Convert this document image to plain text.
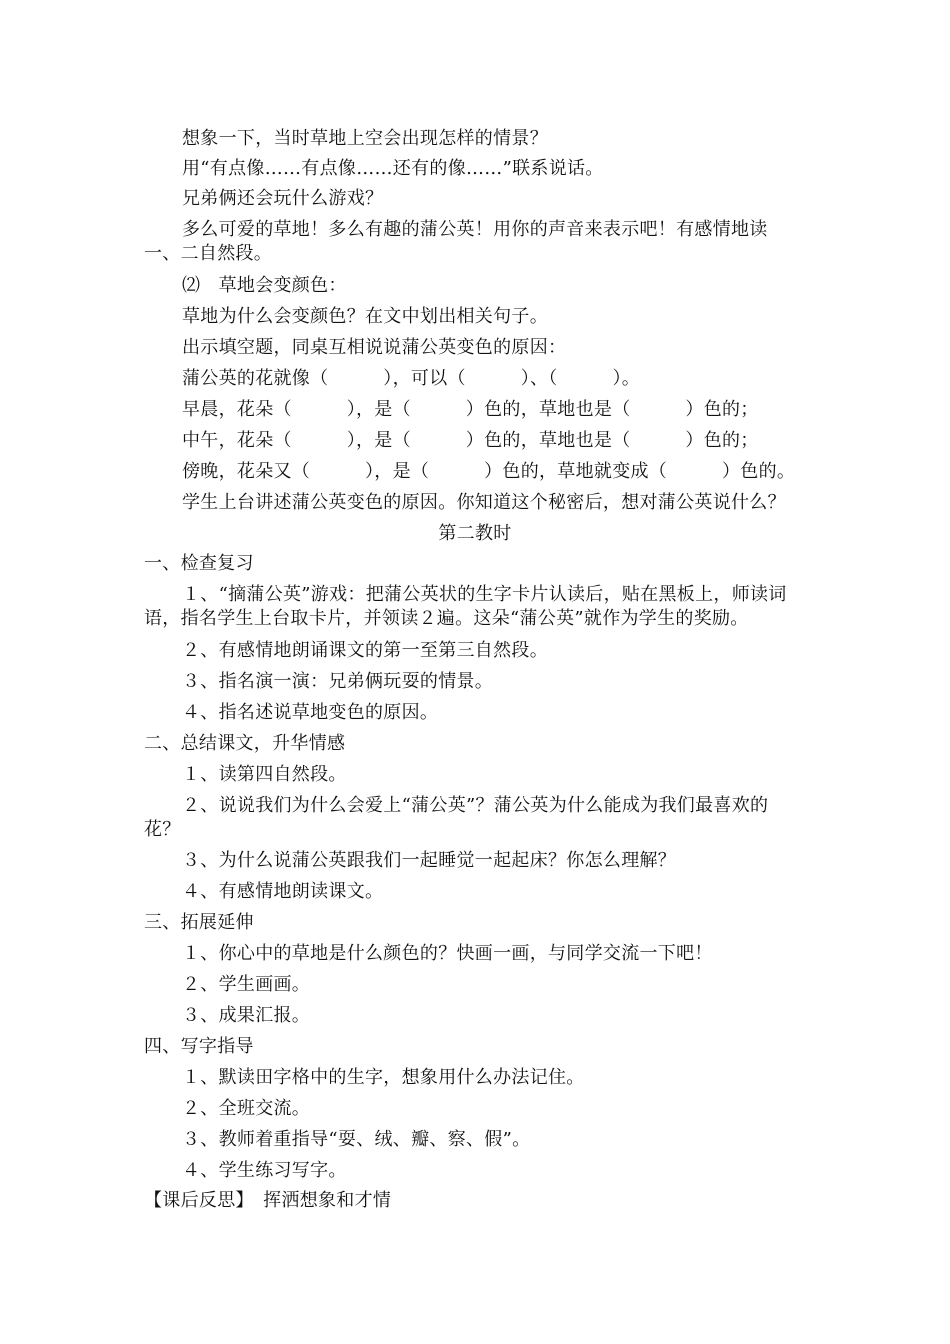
想象一下，当时草地上空会出现怎样的情景？
用“有点像……有点像……还有的像……”联系说话。
兄弟俩还会玩什么游戏？
多么可爱的草地！多么有趣的蒲公英！用你的声音来表示吧！有感情地读
一、二自然段。
⑵　草地会变颜色：
草地为什么会变颜色？在文中划出相关句子。
出示填空题，同桌互相说说蒲公英变色的原因：
蒲公英的花就像（　　　），可以（　　　）、（　　　）。
早晨，花朵（　　　），是（　　　）色的，草地也是（　　　）色的；
中午，花朵（　　　），是（　　　）色的，草地也是（　　　）色的；
傍晚，花朵又（　　　），是（　　　）色的，草地就变成（　　　）色的。
学生上台讲述蒲公英变色的原因。你知道这个秘密后，想对蒲公英说什么？
第二教时
一、检查复习
１、“摘蒲公英”游戏：把蒲公英状的生字卡片认读后，贴在黑板上，师读词
语，指名学生上台取卡片，并领读２遍。这朵“蒲公英”就作为学生的奖励。
２、有感情地朗诵课文的第一至第三自然段。
３、指名演一演：兄弟俩玩耍的情景。
４、指名述说草地变色的原因。
二、总结课文，升华情感
１、读第四自然段。
２、说说我们为什么会爱上“蒲公英”？蒲公英为什么能成为我们最喜欢的
花？
３、为什么说蒲公英跟我们一起睡觉一起起床？你怎么理解？
４、有感情地朗读课文。
三、拓展延伸
１、你心中的草地是什么颜色的？快画一画，与同学交流一下吧！
２、学生画画。
３、成果汇报。
四、写字指导
１、默读田字格中的生字，想象用什么办法记住。
２、全班交流。
３、教师着重指导“耍、绒、瓣、察、假”。
４、学生练习写字。
【课后反思】　挥洒想象和才情
